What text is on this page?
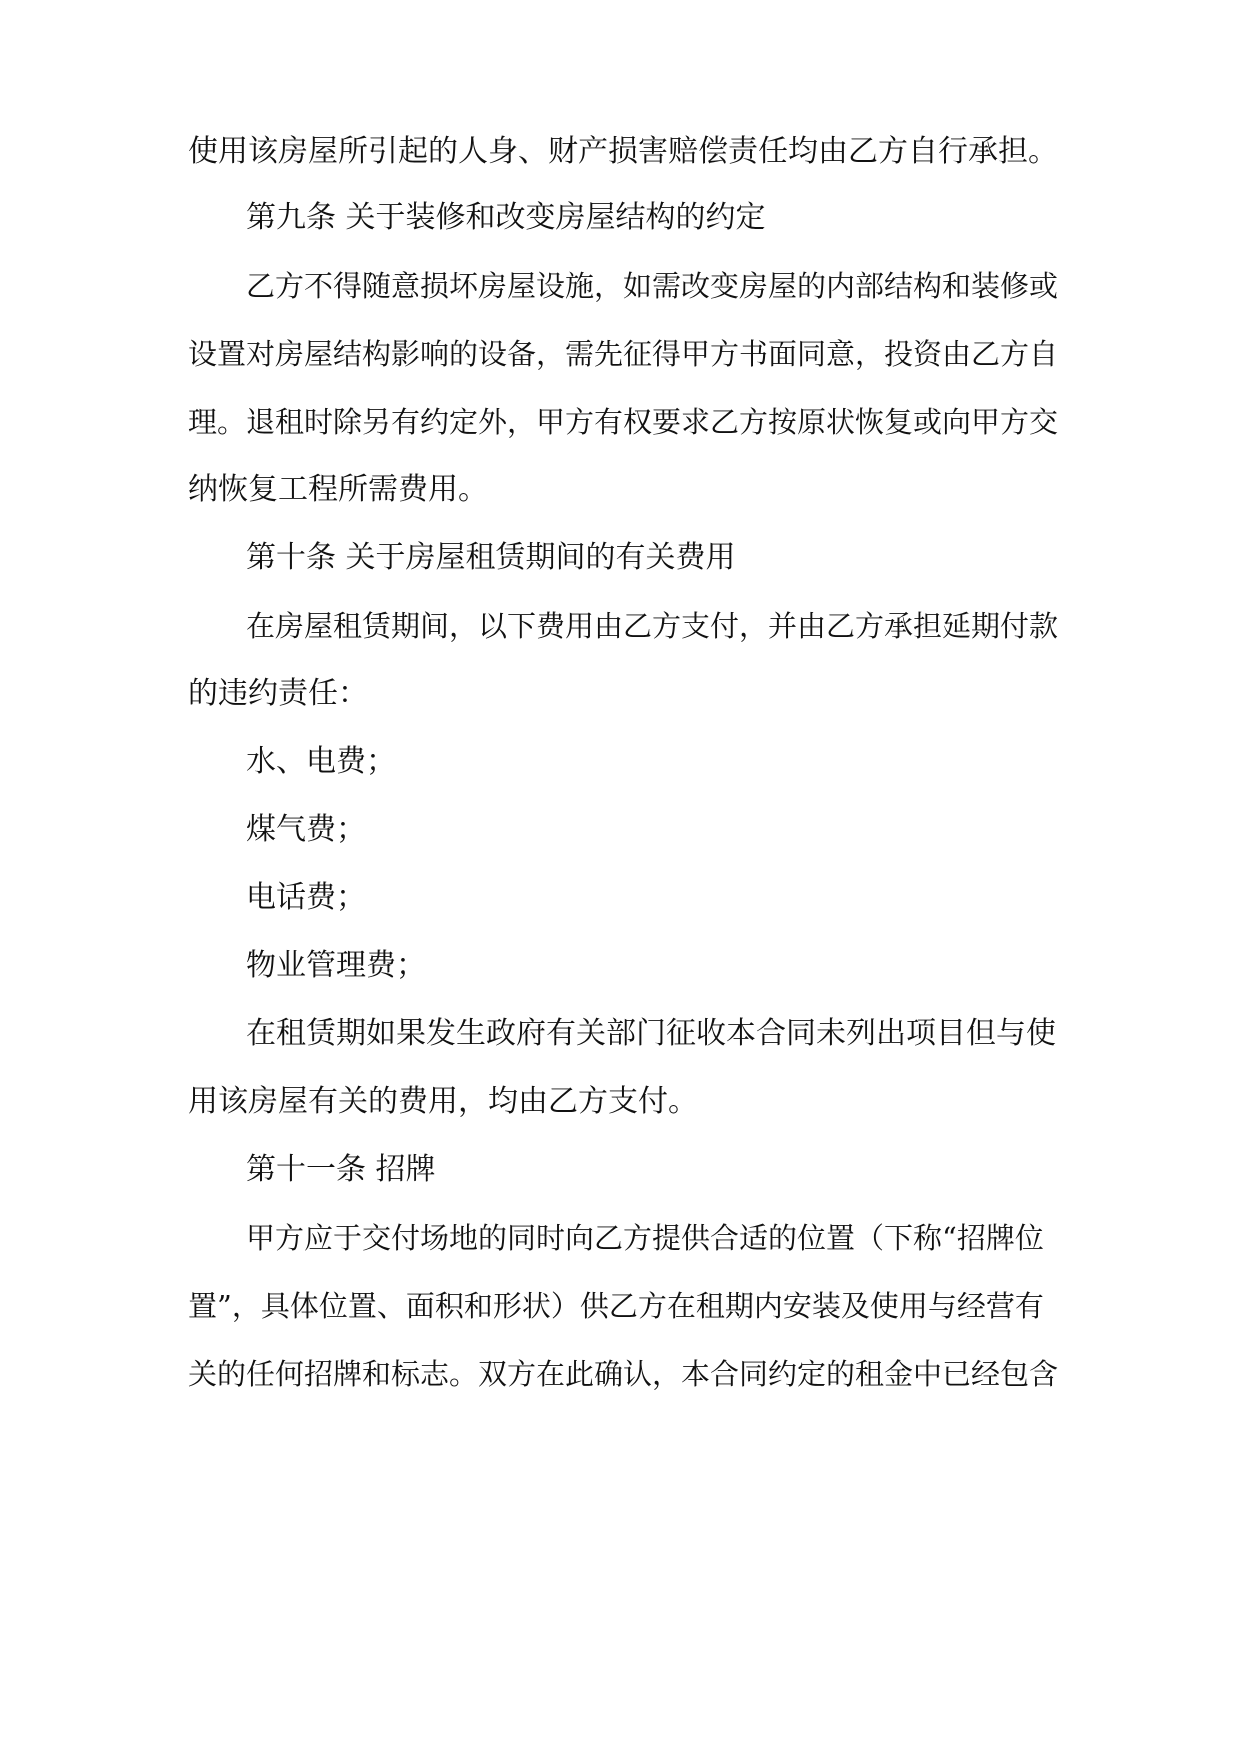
使用该房屋所引起的人身、财产损害赔偿责任均由乙方自行承担。
第九条 关于装修和改变房屋结构的约定
乙方不得随意损坏房屋设施，如需改变房屋的内部结构和装修或
设置对房屋结构影响的设备，需先征得甲方书面同意，投资由乙方自
理。退租时除另有约定外，甲方有权要求乙方按原状恢复或向甲方交
纳恢复工程所需费用。
第十条 关于房屋租赁期间的有关费用
在房屋租赁期间，以下费用由乙方支付，并由乙方承担延期付款
的违约责任：
水、电费；
煤气费；
电话费；
物业管理费；
在租赁期如果发生政府有关部门征收本合同未列出项目但与使
用该房屋有关的费用，均由乙方支付。
第十一条 招牌
甲方应于交付场地的同时向乙方提供合适的位置（下称“招牌位
置”，具体位置、面积和形状）供乙方在租期内安装及使用与经营有
关的任何招牌和标志。双方在此确认，本合同约定的租金中已经包含
